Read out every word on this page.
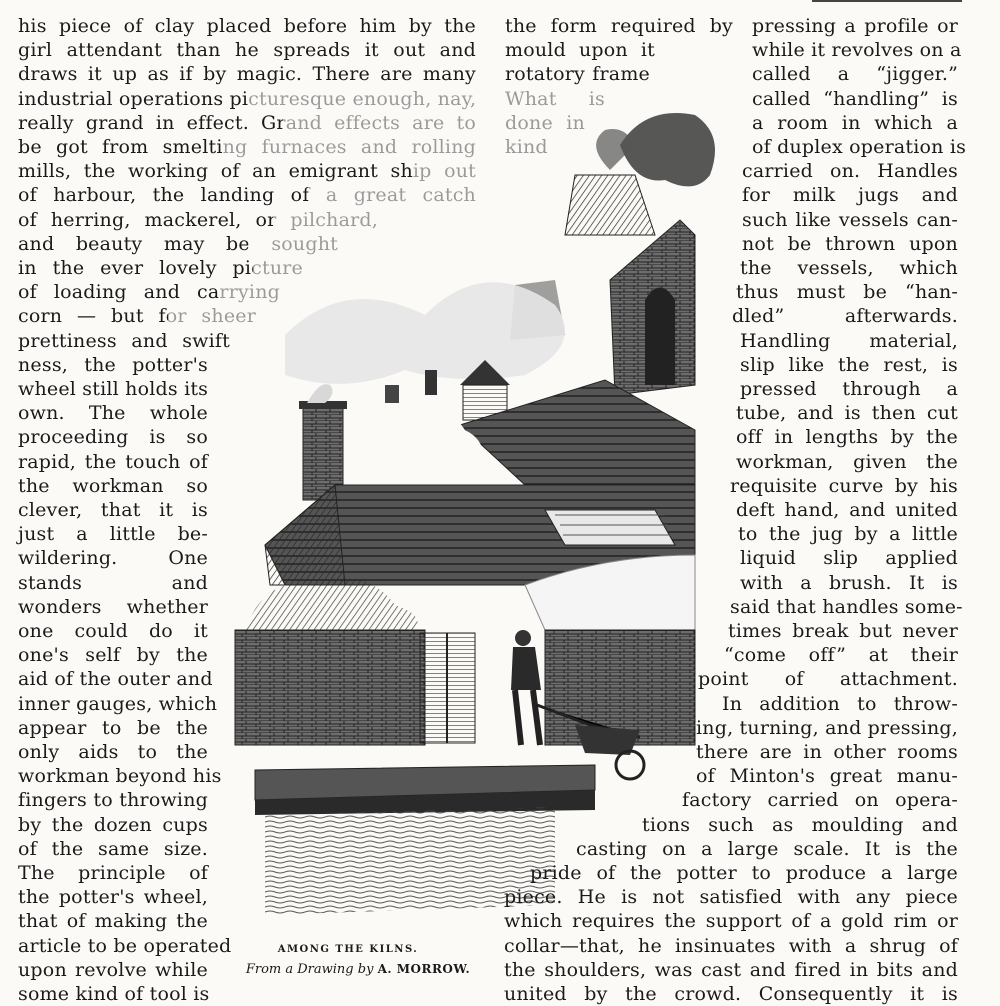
his piece of clay placed before him by the
girl attendant than he spreads it out and
draws it up as if by magic. There are many
industrial operations picturesque enough, nay,
really grand in effect. Grand effects are to
be got from smelting furnaces and rolling
mills, the working of an emigrant ship out
of harbour, the landing of a great catch
of herring, mackerel, or pilchard,
and beauty may be sought
in the ever lovely picture
of loading and carrying
corn — but for sheer
prettiness and swift
ness, the potter's
wheel still holds its
own. The whole
proceeding is so
rapid, the touch of
the workman so
clever, that it is
just a little be-
wildering. One
stands and
wonders whether
one could do it
one's self by the
aid of the outer and
inner gauges, which
appear to be the
only aids to the
workman beyond his
fingers to throwing
by the dozen cups
of the same size.
The principle of
the potter's wheel,
that of making the
article to be operated
upon revolve while
some kind of tool is
the form required by
mould upon it
rotatory frame
What is
done in
kind
pressing a profile or
while it revolves on a
called a “jigger.”
called “handling” is
a room in which a
of duplex operation is
carried on. Handles
for milk jugs and
such like vessels can-
not be thrown upon
the vessels, which
thus must be “han-
dled” afterwards.
Handling material,
slip like the rest, is
pressed through a
tube, and is then cut
off in lengths by the
workman, given the
requisite curve by his
deft hand, and united
to the jug by a little
liquid slip applied
with a brush. It is
said that handles some-
times break but never
“come off” at their
point of attachment.
In addition to throw-
ing, turning, and pressing,
there are in other rooms
of Minton's great manu-
factory carried on opera-
tions such as moulding and
casting on a large scale. It is the
pride of the potter to produce a large
piece. He is not satisfied with any piece
which requires the support of a gold rim or
collar—that, he insinuates with a shrug of
the shoulders, was cast and fired in bits and
united by the crowd. Consequently it is
AMONG THE KILNS.
From a Drawing by A. MORROW.
